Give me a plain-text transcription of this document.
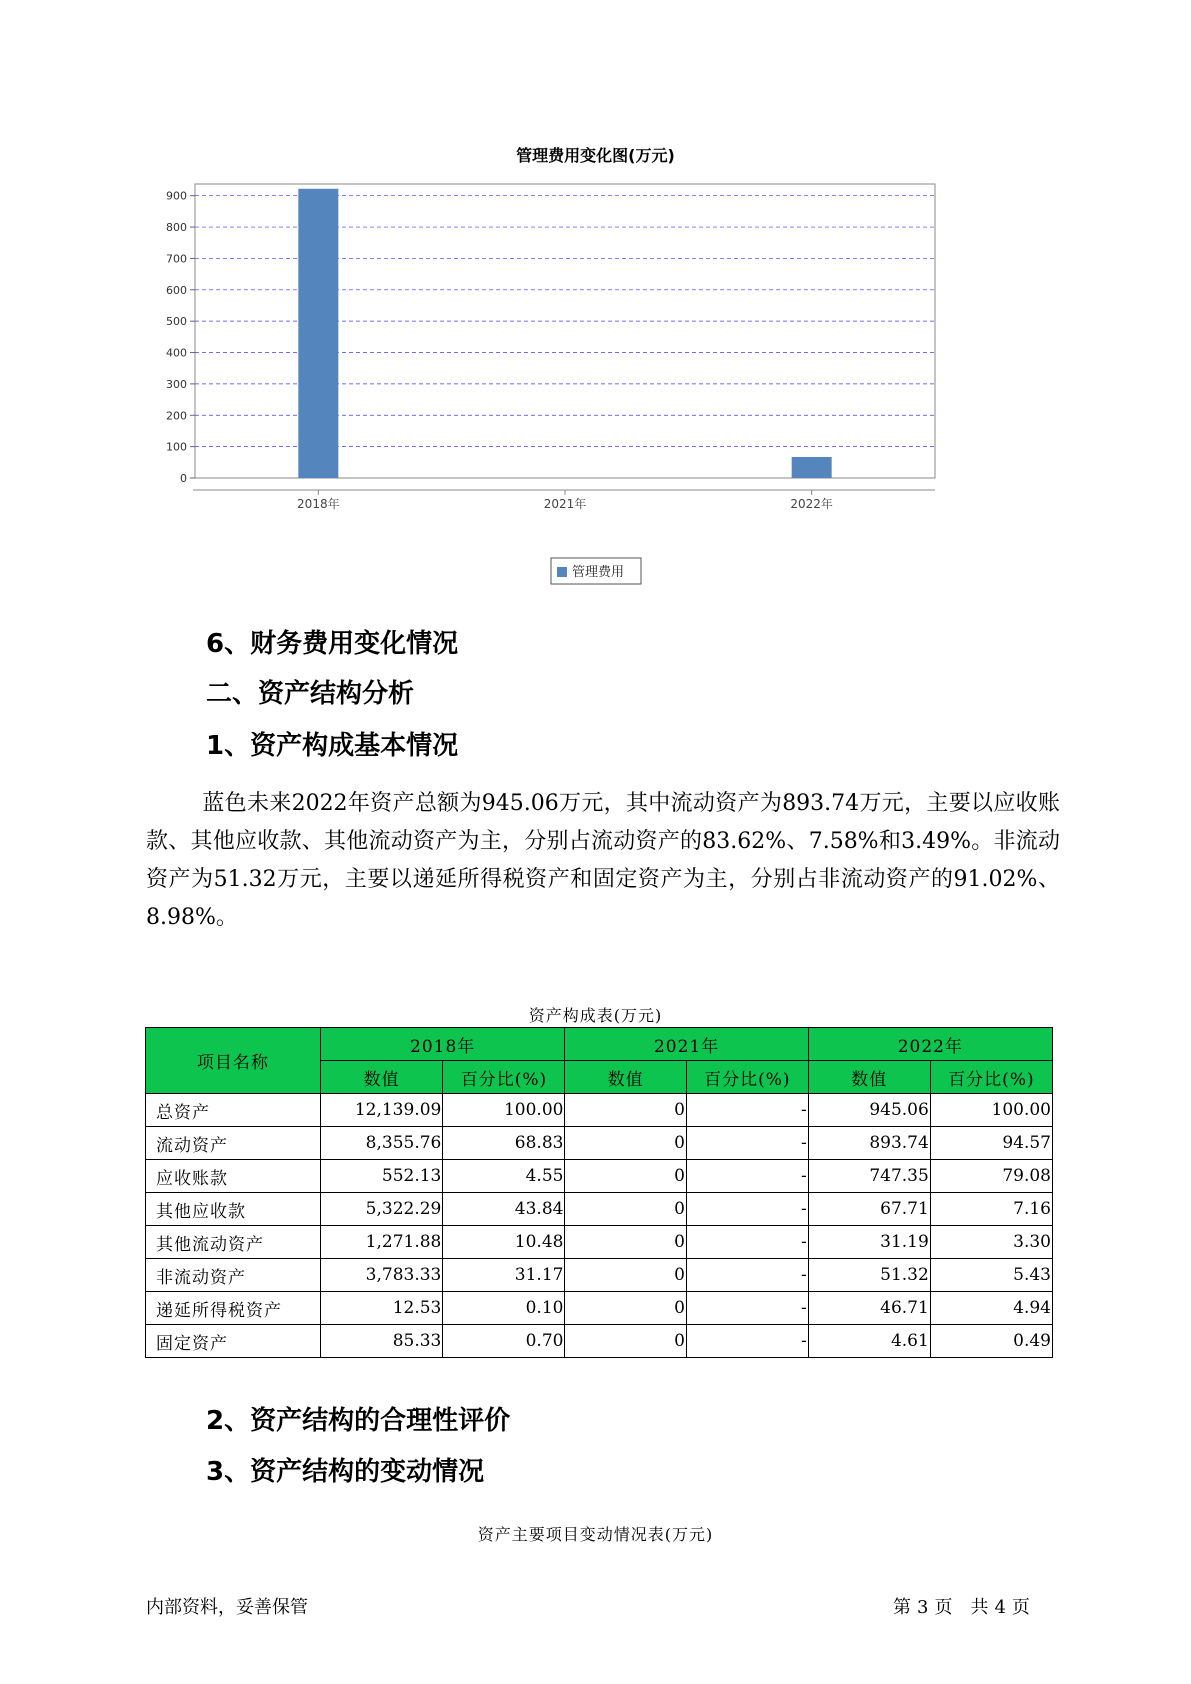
管理费用变化图(万元)
0
100
200
300
400
500
600
700
800
900
2018年	2021年	2022年
管理费用
6、财务费用变化情况
二、资产结构分析
1、资产构成基本情况
蓝色未来2022年资产总额为945.06万元，其中流动资产为893.74万元，主要以应收账款、其他应收款、其他流动资产为主，分别占流动资产的83.62%、7.58%和3.49%。非流动资产为51.32万元，主要以递延所得税资产和固定资产为主，分别占非流动资产的91.02%、8.98%。
资产构成表(万元)
项目名称	2018年		2021年		2022年	
	数值	百分比(%)	数值	百分比(%)	数值	百分比(%)
总资产	12,139.09	100.00	0	-	945.06	100.00
流动资产	8,355.76	68.83	0	-	893.74	94.57
应收账款	552.13	4.55	0	-	747.35	79.08
其他应收款	5,322.29	43.84	0	-	67.71	7.16
其他流动资产	1,271.88	10.48	0	-	31.19	3.30
非流动资产	3,783.33	31.17	0	-	51.32	5.43
递延所得税资产	12.53	0.10	0	-	46.71	4.94
固定资产	85.33	0.70	0	-	4.61	0.49
2、资产结构的合理性评价
3、资产结构的变动情况
资产主要项目变动情况表(万元)
内部资料，妥善保管	第 3 页　共 4 页
